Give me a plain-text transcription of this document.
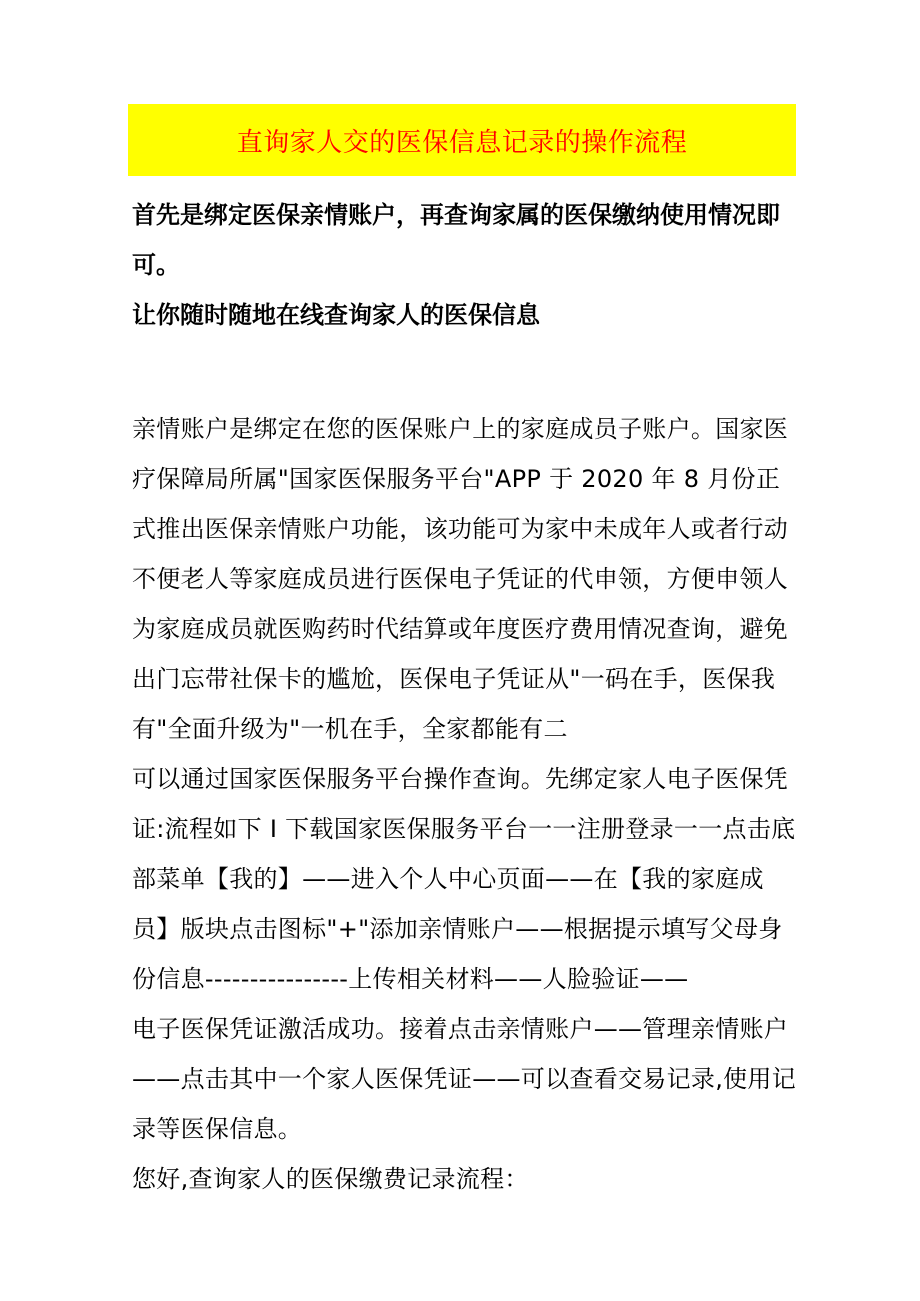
直询家人交的医保信息记录的操作流程

首先是绑定医保亲情账户，再查询家属的医保缴纳使用情况即可。

让你随时随地在线查询家人的医保信息

亲情账户是绑定在您的医保账户上的家庭成员子账户。国家医疗保障局所属"国家医保服务平台"APP 于 2020 年 8 月份正式推出医保亲情账户功能，该功能可为家中未成年人或者行动不便老人等家庭成员进行医保电子凭证的代申领，方便申领人为家庭成员就医购药时代结算或年度医疗费用情况查询，避免出门忘带社保卡的尴尬，医保电子凭证从"一码在手，医保我有"全面升级为"一机在手，全家都能有二

可以通过国家医保服务平台操作查询。先绑定家人电子医保凭证:流程如下 I 下载国家医保服务平台一一注册登录一一点击底部菜单【我的】——进入个人中心页面——在【我的家庭成员】版块点击图标"+"添加亲情账户——根据提示填写父母身份信息----------------上传相关材料——人脸验证——

电子医保凭证激活成功。接着点击亲情账户——管理亲情账户——点击其中一个家人医保凭证——可以查看交易记录,使用记录等医保信息。

您好,查询家人的医保缴费记录流程：
